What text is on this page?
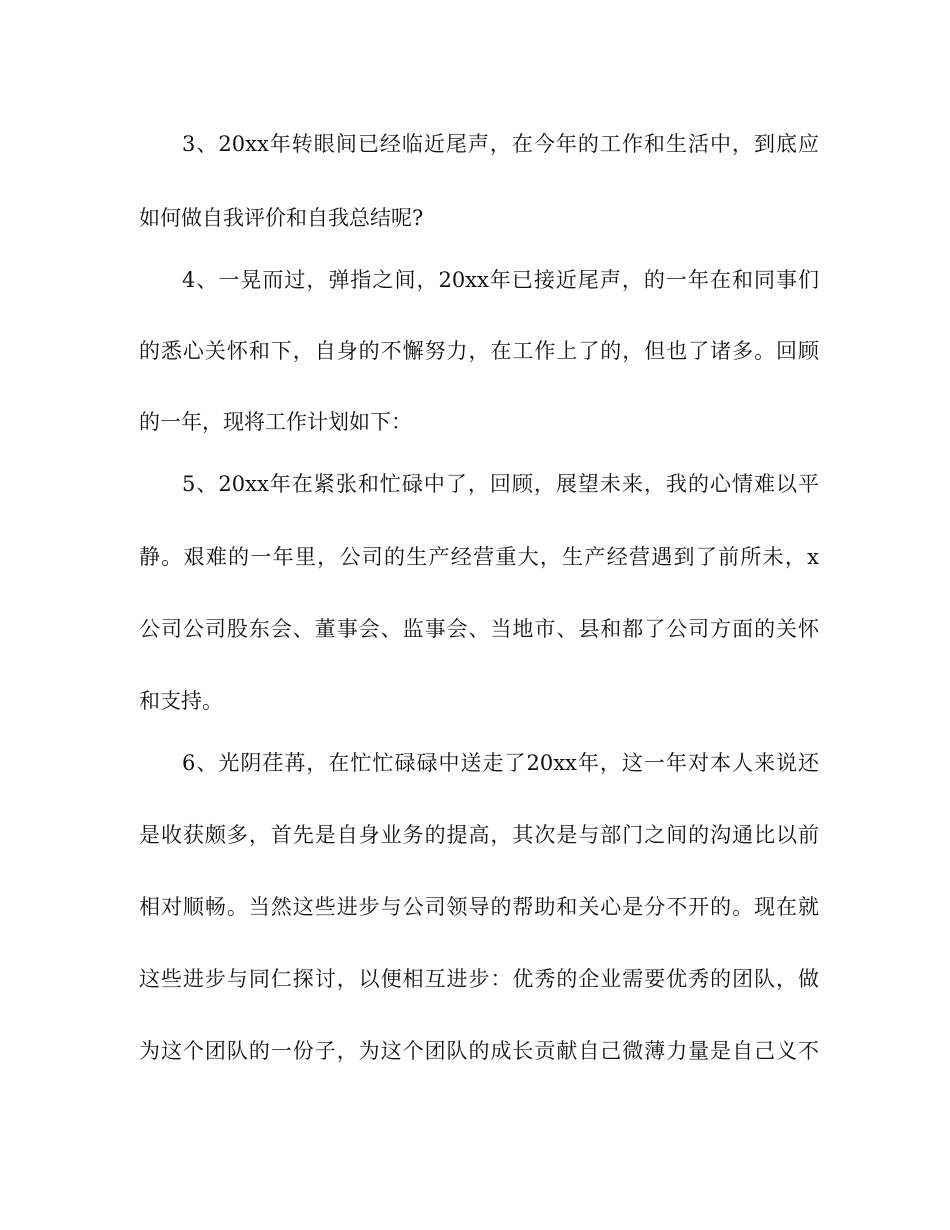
3、20xx年转眼间已经临近尾声，在今年的工作和生活中，到底应
如何做自我评价和自我总结呢?
4、一晃而过，弹指之间，20xx年已接近尾声，的一年在和同事们
的悉心关怀和下，自身的不懈努力，在工作上了的，但也了诸多。回顾
的一年，现将工作计划如下：
5、20xx年在紧张和忙碌中了，回顾，展望未来，我的心情难以平
静。艰难的一年里，公司的生产经营重大，生产经营遇到了前所未，x
公司公司股东会、董事会、监事会、当地市、县和都了公司方面的关怀
和支持。
6、光阴荏苒，在忙忙碌碌中送走了20xx年，这一年对本人来说还
是收获颇多，首先是自身业务的提高，其次是与部门之间的沟通比以前
相对顺畅。当然这些进步与公司领导的帮助和关心是分不开的。现在就
这些进步与同仁探讨，以便相互进步：优秀的企业需要优秀的团队，做
为这个团队的一份子，为这个团队的成长贡献自己微薄力量是自己义不
